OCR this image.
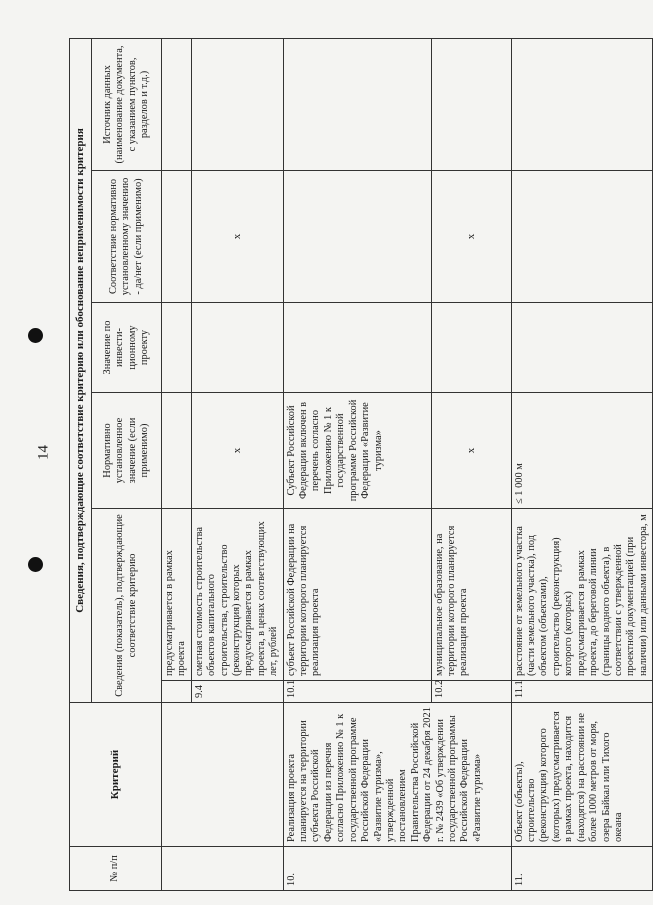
14
№ п/п	Критерий	Сведения, подтверждающие соответствие критерию или обоснование неприменимости критерия					
		Сведения (показатель), подтверждающие соответствие критерию		Нормативно установленное значение (если применимо)	Значение по инвести-ционному проекту	Соответствие нормативно установленному значению - да/нет (если применимо)	Источник данных (наименование документа, с указанием пунктов, разделов и т.д.)
			предусматривается в рамках проекта				
		9.4	сметная стоимость строительства объектов капитального строительства, строительство (реконструкция) которых предусматривается в рамках проекта, в ценах соответствующих лет, рублей	x		x	
10.	Реализация проекта планируется на территории субъекта Российской Федерации из перечня согласно Приложению № 1 к государственной программе Российской Федерации «Развитие туризма», утвержденной постановлением Правительства Российской Федерации от 24 декабря 2021 г. № 2439 «Об утверждении государственной программы Российской Федерации «Развитие туризма»	10.1	субъект Российской Федерации на территории которого планируется реализация проекта	Субъект Российской Федерации включен в перечень согласно Приложению № 1 к государственной программе Российской Федерации «Развитие туризма»			
		10.2	муниципальное образование, на территории которого планируется реализация проекта	x		x	
11.	Объект (объекты), строительство (реконструкция) которого (которых) предусматривается в рамках проекта, находится (находятся) на расстоянии не более 1000 метров от моря, озера Байкал или Тихого океана	11.1	расстояние от земельного участка (части земельного участка), под объектом (объектами), строительство (реконструкция) которого (которых) предусматривается в рамках проекта, до береговой линии (границы водного объекта), в соответствии с утвержденной проектной документацией (при наличии) или данными инвестора, м	≤ 1 000 м			
